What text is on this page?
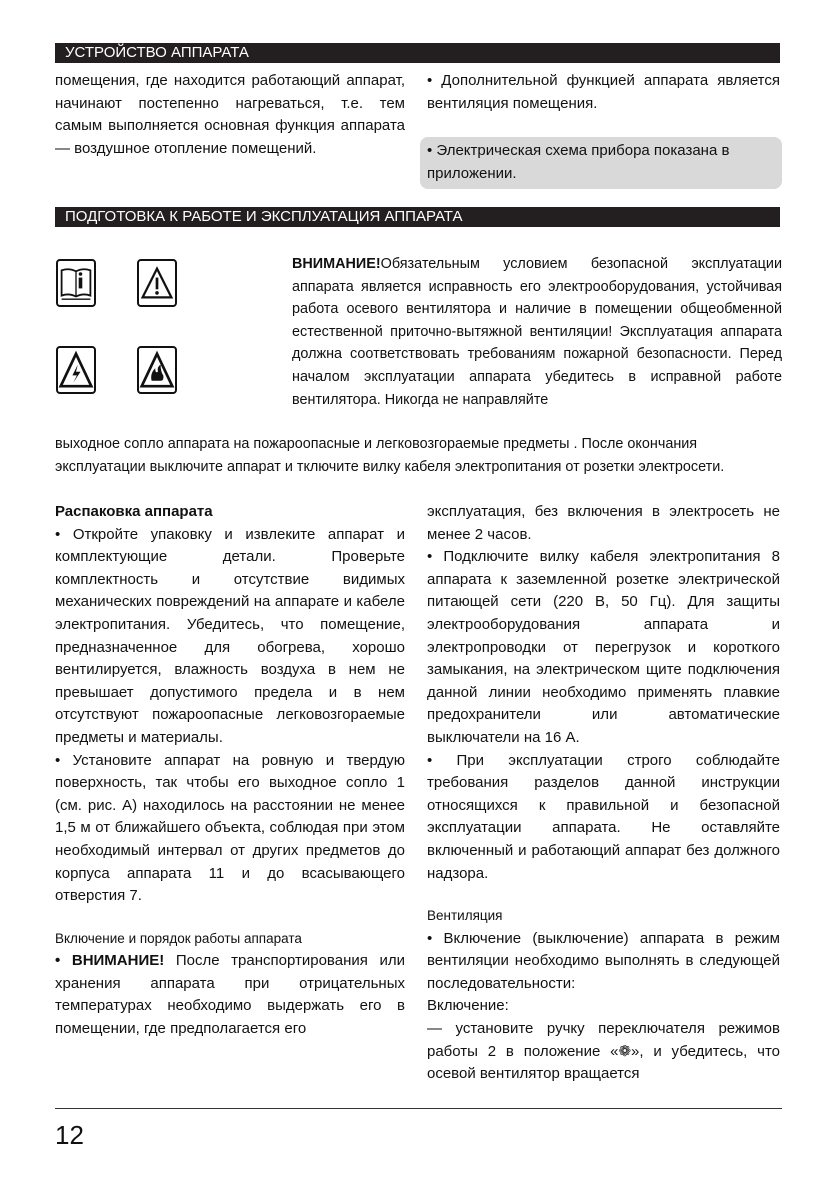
УСТРОЙСТВО АППАРАТА
помещения, где находится работающий аппарат, начинают постепенно нагреваться, т.е. тем самым выполняется основная функция аппарата — воздушное отопление помещений.
• Дополнительной функцией аппарата является вентиляция помещения.
• Электрическая схема прибора показана в приложении.
ПОДГОТОВКА К РАБОТЕ И ЭКСПЛУАТАЦИЯ АППАРАТА
ВНИМАНИЕ!Обязательным условием безопасной эксплуатации аппарата является исправность его электрооборудования, устойчивая работа осевого вентилятора и наличие в помещении общеобменной естественной приточно-вытяжной вентиляции! Эксплуатация аппарата должна соответствовать требованиям пожарной безопасности. Перед началом эксплуатации аппарата убедитесь в исправной работе вентилятора. Никогда не направляйте
выходное сопло аппарата на пожароопасные и легковозгораемые предметы . После окончания эксплуатации выключите аппарат и тключите вилку кабеля электропитания от розетки электросети.

Распаковка аппарата

• Откройте упаковку и извлеките аппарат и комплектующие детали. Проверьте комплектность и отсутствие видимых механических повреждений на аппарате и кабеле электропитания. Убедитесь, что помещение, предназначенное для обогрева, хорошо вентилируется, влажность воздуха в нем не превышает допустимого предела и в нем отсутствуют пожароопасные легковозгораемые предметы и материалы.

• Установите аппарат на ровную и твердую поверхность, так чтобы его выходное сопло 1 (см. рис. А) находилось на расстоянии не менее 1,5 м от ближайшего объекта, соблюдая при этом необходимый интервал от других предметов до корпуса аппарата 11 и до всасывающего отверстия 7.

Включение и порядок работы аппарата

• ВНИМАНИЕ! После транспортирования или хранения аппарата при отрицательных температурах необходимо выдержать его в помещении, где предполагается его

эксплуатация, без включения в электросеть не менее 2 часов.

• Подключите вилку кабеля электропитания 8 аппарата к заземленной розетке электрической питающей сети (220 В, 50 Гц). Для защиты электрооборудования аппарата и электропроводки от перегрузок и короткого замыкания, на электрическом щите подключения данной линии необходимо применять плавкие предохранители или автоматические выключатели на 16 А.

• При эксплуатации строго соблюдайте требования разделов данной инструкции относящихся к правильной и безопасной эксплуатации аппарата. Не оставляйте включенный и работающий аппарат без должного надзора.

Вентиляция

• Включение (выключение) аппарата в режим вентиляции необходимо выполнять в следующей последовательности:

Включение:

— установите ручку переключателя режимов работы 2 в положение «❁», и убедитесь, что осевой вентилятор вращается

12
